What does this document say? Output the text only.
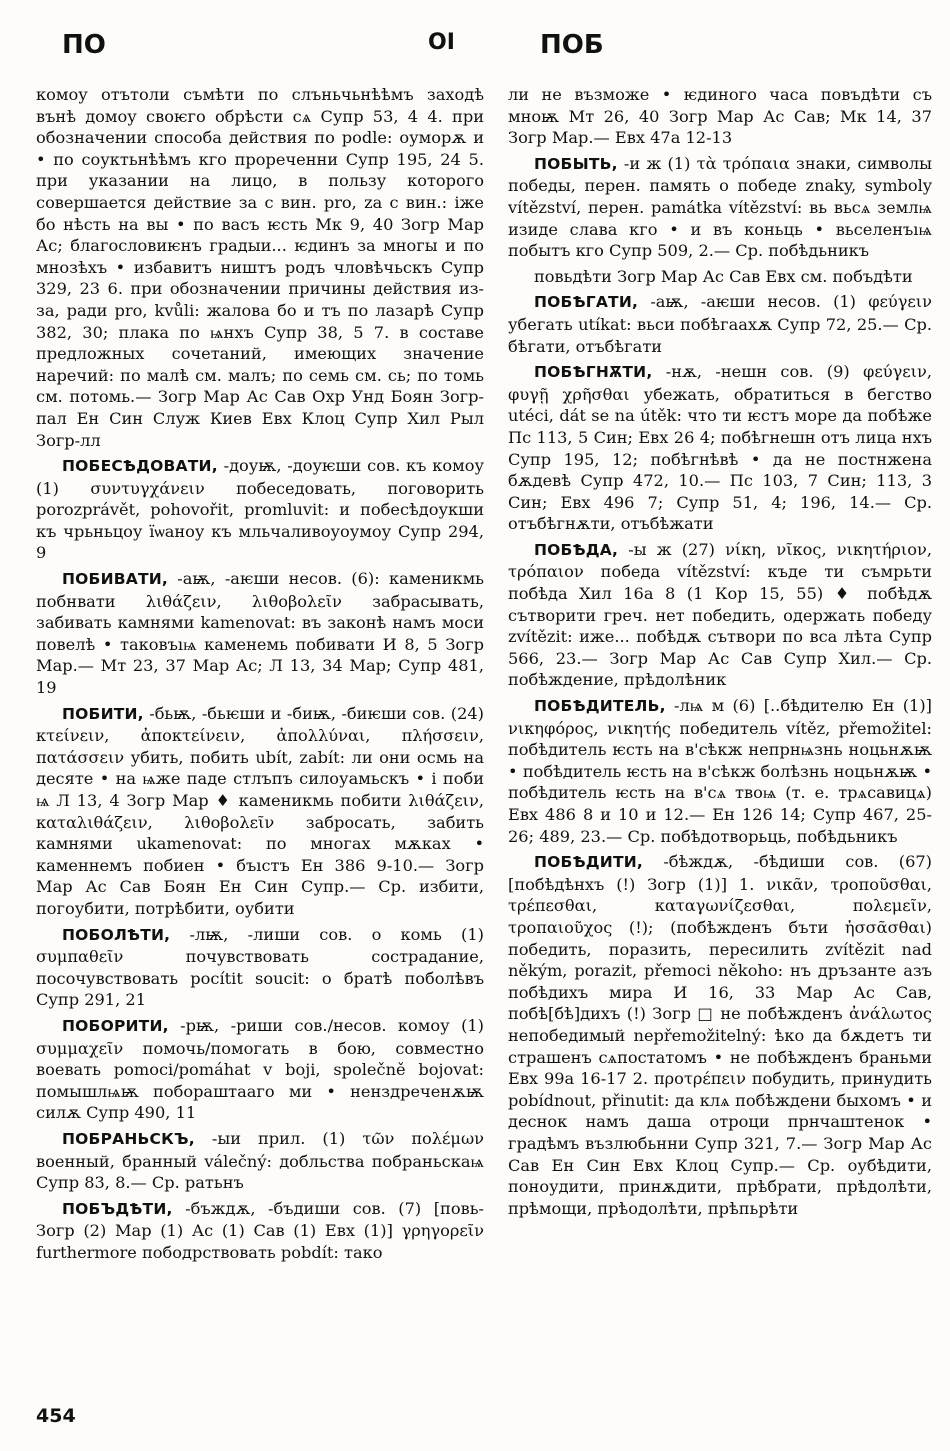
ПО	ОІ	ПОБ

комоу отътоли съмѣти по слъньчьнѣѣмъ заходѣ вънѣ домоу своѥго обрѣсти сѧ Супр 53, 4 4. при обозначении способа действия по podle: оуморѫ и • по соуктьнѣѣмъ кго прореченни Супр 195, 24 5. при указании на лицо, в пользу которого совершается действие за с вин. pro, za с вин.: іже бо нѣсть на вы • по васъ ѥсть Мк 9, 40 Зогр Мар Ас; благословиѥнъ градыи... ѥдинъ за многы и по мнозѣхъ • избавитъ ништъ родъ чловѣчьскъ Супр 329, 23 6. при обозначении причины действия из-за, ради pro, kvůli: жалова бо и тъ по лазарѣ Супр 382, 30; плака по ѩнхъ Супр 38, 5 7. в составе предложных сочетаний, имеющих значение наречий: по малѣ см. малъ; по семь см. сь; по томь см. потомь.— Зогр Мар Ас Сав Охр Унд Боян Зогр-пал Ен Син Служ Киев Евх Клоц Супр Хил Рыл Зогр-лл

ПОБЕСѢДОВАТИ, -доуѭ, -доуѥши сов. къ комоу (1) συντυγχάνειν побеседовать, поговорить porozprávět, pohovořit, promluvit: и побесѣдоукши къ чрьньцоу їѡаноу къ мльчаливоуоумоу Супр 294, 9

ПОБИВАТИ, -аѭ, -аѥши несов. (6): каменикмь побнвати λιθάζειν, λιθοβολεῖν забрасывать, забивать камнями kamenovat: въ законѣ намъ моси повелѣ • таковъıѩ каменемь побивати И 8, 5 Зогр Мар.— Мт 23, 37 Мар Ас; Л 13, 34 Мар; Супр 481, 19

ПОБИТИ, -бьѭ, -бьѥши и -биѭ, -биѥши сов. (24) κτείνειν, ἀποκτείνειν, ἀπολλύναι, πλήσσειν, πατάσσειν убить, побить ubít, zabít: ли они осмь на десяте • на ѩже паде стлъпъ силоуамьскъ • і поби ѩ Л 13, 4 Зогр Мар ♦ каменикмь побити λιθάζειν, καταλιθάζειν, λιθοβολεῖν забросать, забить камнями ukamenovat: по многах мѫкаx • каменнемъ побиен • бъıстъ Ен 386 9-10.— Зогр Мар Ас Сав Боян Ен Син Супр.— Ср. избити, погоубити, потрѣбити, оубити

ПОБОЛѢТИ, -лѭ, -лиши сов. о комь (1) συμπαθεῖν почувствовать сострадание, посочувствовать pocítit soucit: о братѣ поболѣвъ Супр 291, 21

ПОБОРИТИ, -рѭ, -риши сов./несов. комоу (1) συμμαχεῖν помочь/помогать в бою, совместно воевать pomoci/pomáhat v boji, společně bojovat: помышлѩѭ побораштаaго ми • ненздреченѫѭ силѫ Супр 490, 11

ПОБРАНЬСКЪ, -ыи прил. (1) τῶν πολέμων военный, бранный válečný: добльства побраньскаѩ Супр 83, 8.— Ср. ратьнъ

ПОБЪДѢТИ, -бъждѫ, -бъдиши сов. (7) [повь- Зогр (2) Мар (1) Ас (1) Сав (1) Евх (1)] γρηγορεῖν furthermore пободрствовать pobdít: тако

ли не възможе • ѥдиного часа повъдѣти съ мноѭ Мт 26, 40 Зогр Мар Ас Сав; Мк 14, 37 Зогр Мар.— Евх 47а 12-13

ПОБЫТЬ, -и ж (1) τὰ τρόπαια знаки, символы победы, перен. память о победе znaky, symboly vítězství, перен. památka vítězství: вь вьсѧ землѩ изиде слава кго • и въ коньць • вьселенъıѩ побытъ кго Супр 509, 2.— Ср. побѣдьникъ

повьдѣти Зогр Мар Ас Сав Евх см. побъдѣти

ПОБѢГАТИ, -аѭ, -аѥши несов. (1) φεύγειν убегать utíkat: вьси побѣгаахѫ Супр 72, 25.— Ср. бѣгати, отъбѣгати

ПОБѢГНѪТИ, -нѫ, -нешн сов. (9) φεύγειν, φυγῇ χρῆσθαι убежать, обратиться в бегство utéci, dát se na útěk: что ти ѥстъ море да побѣже Пс 113, 5 Син; Евх 26 4; побѣгнешн отъ лица нхъ Супр 195, 12; побѣгнѣвѣ • да не постнжена бѫдевѣ Супр 472, 10.— Пс 103, 7 Син; 113, 3 Син; Евх 496 7; Супр 51, 4; 196, 14.— Ср. отъбѣгнѫти, отъбѣжати

ПОБѢДА, -ы ж (27) νίκη, νῖκος, νικητήριον, τρόπαιον победа vítězství: къде ти съмрьти побѣда Хил 16а 8 (1 Кор 15, 55) ♦ побѣдѫ сътворити греч. нет победить, одержать победу zvítězit: иже... побѣдѫ сътвори по вса лѣта Супр 566, 23.— Зогр Мар Ас Сав Супр Хил.— Ср. побѣждение, прѣдолѣник

ПОБѢДИТЕЛЬ, -лѩ м (6) [..бѣдителю Ен (1)] νικηφόρος, νικητής победитель vítěz, přemožitel: побѣдитель ѥсть на в'сѣкж непрнѩзнь ноцьнѫѭ • побѣдитель ѥсть на в'сѣкж болѣзнь ноцьнѫѭ • побѣдитель ѥсть на в'сѧ твоѩ (т. е. трѧсавицѧ) Евх 486 8 и 10 и 12.— Ен 126 14; Супр 467, 25-26; 489, 23.— Ср. побѣдотворьць, побѣдьникъ

ПОБѢДИТИ, -бѣждѫ, -бѣдиши сов. (67) [побѣдѣнхъ (!) Зогр (1)] 1. νικᾶν, τροποῦσθαι, τρέπεσθαι, καταγωνίζεσθαι, πολεμεῖν, τροπαιοῦχος (!); (побѣжденъ бъти ἡσσᾶσθαι) победить, поразить, пересилить zvítězit nad někým, porazit, přemoci někoho: нъ дръзанте азъ побѣдихъ мира И 16, 33 Мар Ас Сав, побѣ[бѣ]дихъ (!) Зогр □ не побѣжденъ ἀνάλωτος непобедимый nepřemožitelný: ѣко да бѫдетъ ти страшенъ сѧпостатомъ • не побѣжденъ браньми Евх 99а 16-17 2. προτρέπειν побудить, принудить pobídnout, přinutit: да клѧ побѣждени быхомъ • и деснок намъ даша отроци прнчаштенок • градѣмъ възлюбьнни Супр 321, 7.— Зогр Мар Ас Сав Ен Син Евх Клоц Супр.— Ср. оубѣдити, поноудити, принѫдити, прѣбрати, прѣдолѣти, прѣмощи, прѣодолѣти, прѣпьрѣти

454
